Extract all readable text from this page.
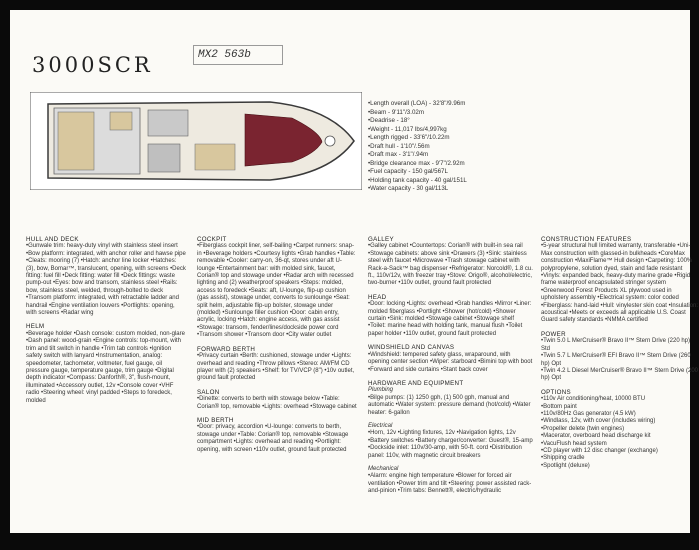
3000SCR	MX2 563b
•Length overall (LOA) - 32'8"/9.96m
•Beam - 9'11"/3.02m
•Deadrise - 18°
•Weight - 11,017 lbs/4,997kg
•Length rigged - 33'6"/10.22m
•Draft hull - 1'10"/.56m
•Draft max - 3'1"/.94m
•Bridge clearance max - 9'7"/2.92m
•Fuel capacity - 150 gal/567L
•Holding tank capacity - 40 gal/151L
•Water capacity - 30 gal/113L
HULL AND DECK

•Gunwale trim: heavy-duty vinyl with stainless steel insert •Bow platform: integrated, with anchor roller and hawse pipe •Cleats: mooring (7) •Hatch: anchor line locker •Hatches: (3), bow, Bomar™, translucent, opening, with screens •Deck fitting: fuel fill •Deck fitting: water fill •Deck fittings: waste pump-out •Eyes: bow and transom, stainless steel •Rails: bow, stainless steel, welded, through-bolted to deck •Transom platform: integrated, with retractable ladder and handrail •Engine ventilation louvers •Portlights: opening, with screens •Radar wing

HELM

•Beverage holder •Dash console: custom molded, non-glare •Dash panel: wood-grain •Engine controls: top-mount, with trim and tilt switch in handle •Trim tab controls •Ignition safety switch with lanyard •Instrumentation, analog: speedometer, tachometer, voltmeter, fuel gauge, oil pressure gauge, temperature gauge, trim gauge •Digital depth indicator •Compass: Danforth®, 3", flush-mount, illuminated •Accessory outlet, 12v •Console cover •VHF radio •Steering wheel: vinyl padded •Steps to foredeck, molded

COCKPIT

•Fiberglass cockpit liner, self-bailing •Carpet runners: snap-in •Beverage holders •Courtesy lights •Grab handles •Table: removable •Cooler: carry-on, 36-qt, stores under aft U-lounge •Entertainment bar: with molded sink, faucet, Corian® top and stowage under •Radar arch with recessed lighting and (2) weatherproof speakers •Steps: molded, access to foredeck •Seats: aft, U-lounge, flip-up cushion (gas assist), stowage under, converts to sunlounge •Seat: split helm, adjustable flip-up bolster, stowage under (molded) •Sunlounge filler cushion •Door: cabin entry, acrylic, locking •Hatch: engine access, with gas assist •Stowage: transom, fender/lines/dockside power cord •Transom shower •Transom door •City water outlet

FORWARD BERTH

•Privacy curtain •Berth: cushioned, stowage under •Lights: overhead and reading •Throw pillows •Stereo: AM/FM CD player with (2) speakers •Shelf: for TV/VCP (8") •10v outlet, ground fault protected

SALON

•Dinette: converts to berth with stowage below •Table: Corian® top, removable •Lights: overhead •Stowage cabinet

MID BERTH

•Door: privacy, accordion •U-lounge: converts to berth, stowage under •Table: Corian® top, removable •Stowage compartment •Lights: overhead and reading •Portlight: opening, with screen •110v outlet, ground fault protected

GALLEY

•Galley cabinet •Countertops: Corian® with built-in sea rail •Stowage cabinets: above sink •Drawers (3) •Sink: stainless steel with faucet •Microwave •Trash stowage cabinet with Rack-a-Sack™ bag dispenser •Refrigerator: Norcold®, 1.8 cu. ft., 110v/12v, with freezer tray •Stove: Origo®, alcohol/electric, two-burner •110v outlet, ground fault protected

HEAD

•Door: locking •Lights: overhead •Grab handles •Mirror •Liner: molded fiberglass •Portlight •Shower (hot/cold) •Shower curtain •Sink: molded •Stowage cabinet •Stowage shelf •Toilet: marine head with holding tank, manual flush •Toilet paper holder •110v outlet, ground fault protected

WINDSHIELD AND CANVAS

•Windshield: tempered safety glass, wraparound, with opening center section •Wiper: starboard •Bimini top with boot •Forward and side curtains •Stant back cover

HARDWARE AND EQUIPMENT
Plumbing

•Bilge pumps: (1) 1250 gph, (1) 500 gph, manual and automatic •Water system: pressure demand (hot/cold) •Water heater: 6-gallon

Electrical

•Horn, 12v •Lighting fixtures, 12v •Navigation lights, 12v •Battery switches •Battery charger/converter: Guest®, 15-amp •Dockside inlet: 110v/30-amp, with 50-ft. cord •Distribution panel: 110v, with magnetic circuit breakers

Mechanical

•Alarm: engine high temperature •Blower for forced air ventilation •Power trim and tilt •Steering: power assisted rack-and-pinion •Trim tabs: Bennett®, electric/hydraulic

CONSTRUCTION FEATURES

•5-year structural hull limited warranty, transferable •Uni-Max construction with glassed-in bulkheads •CoreMax construction •MaxiFlame™ Hull design •Carpeting: 100% polypropylene, solution dyed, stain and fade resistant •Vinyls: expanded back, heavy-duty marine grade •Rigid frame waterproof encapsulated stringer system •Greenwood Forest Products XL plywood used in upholstery assembly •Electrical system: color coded •Fiberglass: hand-laid •Hull: vinylester skin coat •Insulation: acoustical •Meets or exceeds all applicable U.S. Coast Guard safety standards •NMMA certified

POWER
•Twin 5.0 L MerCruiser® Bravo II™ Stern Drive (220 hp) Std
•Twin 5.7 L MerCruiser® EFI Bravo II™ Stern Drive (260 hp) Opt
•Twin 4.2 L Diesel MerCruiser® Bravo II™ Stern Drive (200 hp) Opt
OPTIONS
•110v Air conditioning/heat, 10000 BTU
•Bottom paint
•110v/80Hz Gas generator (4.5 kW)
•Windlass, 12v, with cover (includes wiring)
•Propeller delete (twin engines)
•Macerator, overboard head discharge kit
•VacuFlush head system
•CD player with 12 disc changer (exchange)
•Shipping cradle
•Spotlight (deluxe)
